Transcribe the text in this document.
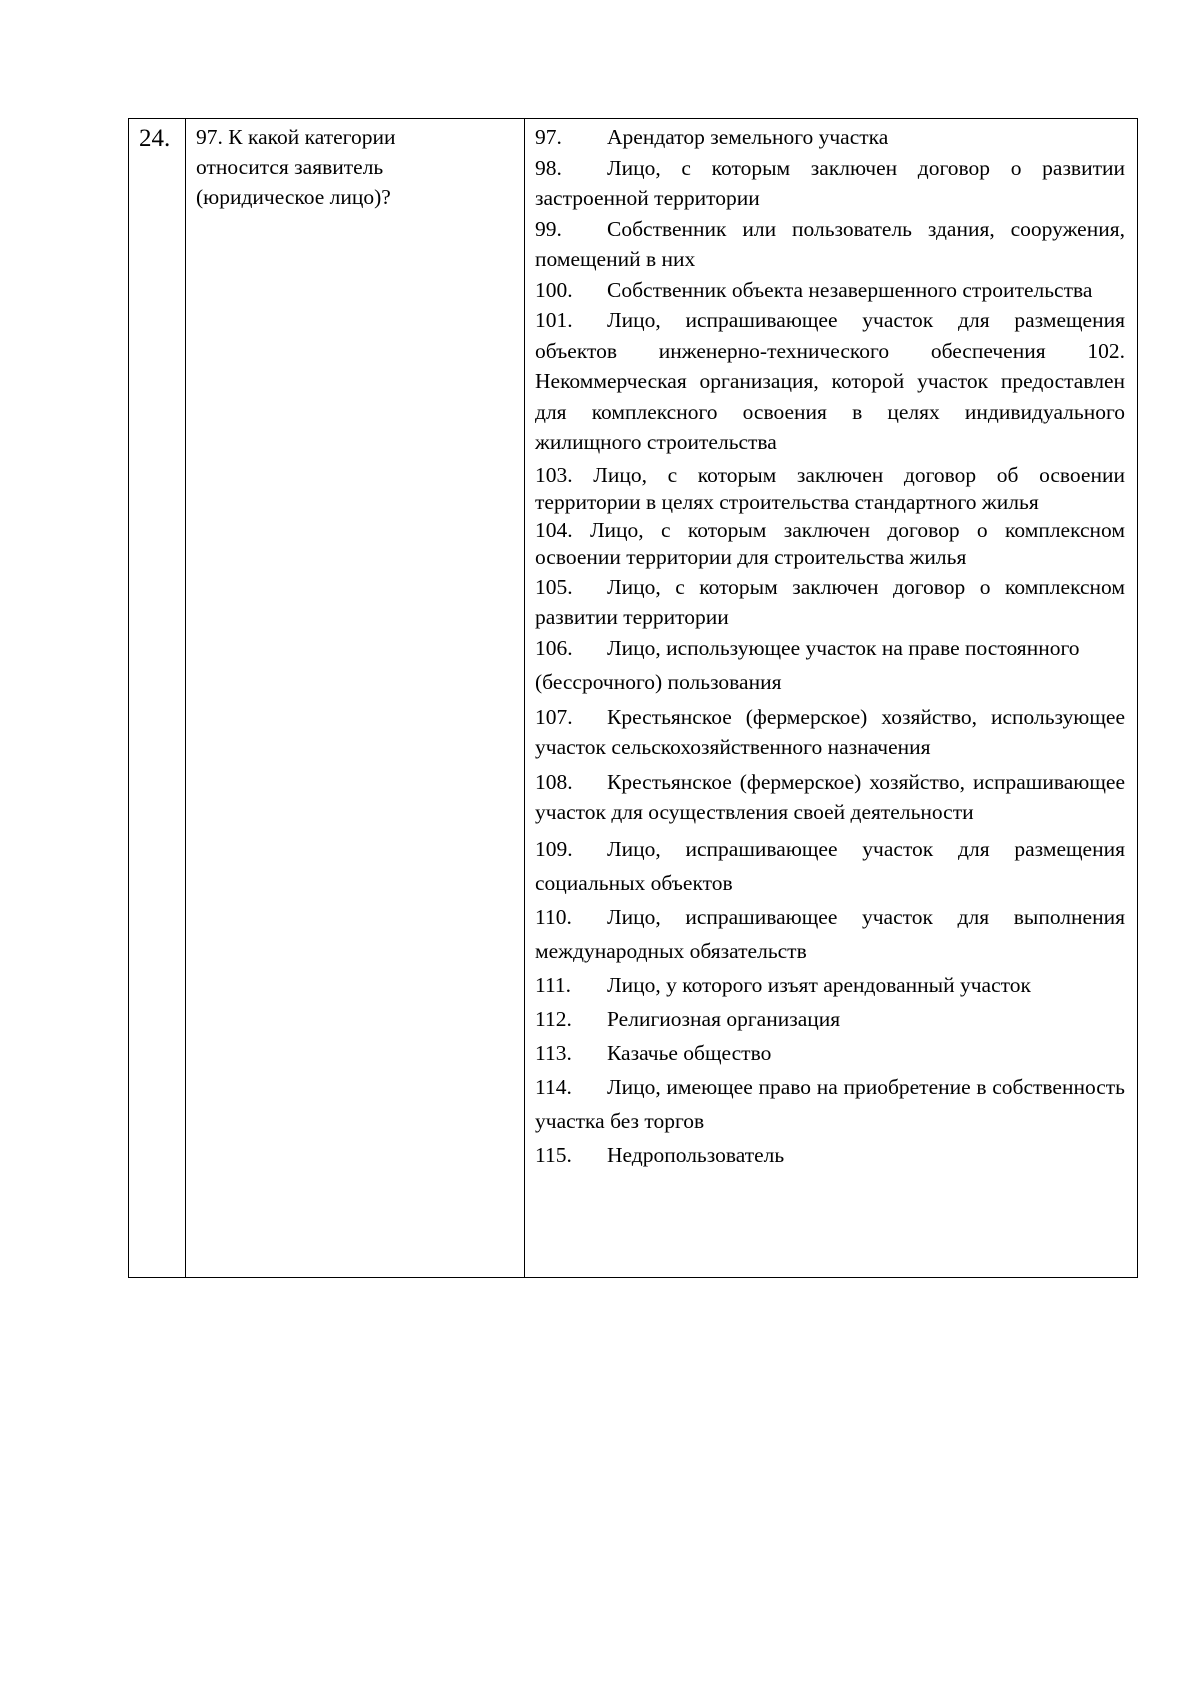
24. 97. К какой категории
относится заявитель
(юридическое лицо)?

97. Арендатор земельного участка

98. Лицо, с которым заключен договор о развитии застроенной территории

99. Собственник или пользователь здания, сооружения, помещений в них

100. Собственник объекта незавершенного строительства

101. Лицо, испрашивающее участок для размещения объектов инженерно-технического обеспечения 102. Некоммерческая организация, которой участок предоставлен для комплексного освоения в целях индивидуального жилищного строительства

103. Лицо, с которым заключен договор об освоении территории в целях строительства стандартного жилья

104. Лицо, с которым заключен договор о комплексном освоении территории для строительства жилья

105. Лицо, с которым заключен договор о комплексном развитии территории

106. Лицо, использующее участок на праве постоянного

(бессрочного) пользования

107. Крестьянское (фермерское) хозяйство, использующее участок сельскохозяйственного назначения

108. Крестьянское (фермерское) хозяйство, испрашивающее участок для осуществления своей деятельности

109. Лицо, испрашивающее участок для размещения социальных объектов

110. Лицо, испрашивающее участок для выполнения международных обязательств

111. Лицо, у которого изъят арендованный участок

112. Религиозная организация

113. Казачье общество

114. Лицо, имеющее право на приобретение в собственность участка без торгов

115. Недропользователь
